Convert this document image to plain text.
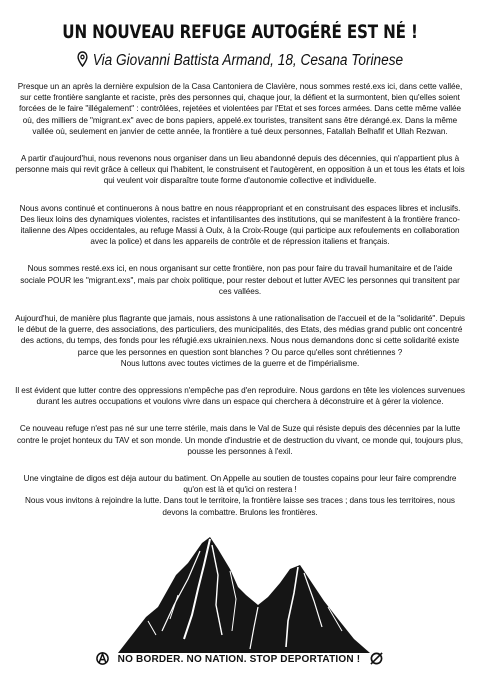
UN NOUVEAU REFUGE AUTOGÉRÉ EST NÉ !
Via Giovanni Battista Armand, 18, Cesana Torinese

Presque un an après la dernière expulsion de la Casa Cantoniera de Clavière, nous sommes resté.exs ici, dans cette vallée, sur cette frontière sanglante et raciste, près des personnes qui, chaque jour, la défient et la surmontent, bien qu'elles soient forcées de le faire "illégalement" : contrôlées, rejetées et violentées par l'Etat et ses forces armées. Dans cette même vallée où, des milliers de "migrant.ex" avec de bons papiers, appelé.ex touristes, transitent sans être dérangé.ex. Dans la même vallée où, seulement en janvier de cette année, la frontière a tué deux personnes, Fatallah Belhafif et Ullah Rezwan.

A partir d'aujourd'hui, nous revenons nous organiser dans un lieu abandonné depuis des décennies, qui n'appartient plus à personne mais qui revit grâce à celleux qui l'habitent, le construisent et l'autogèrent, en opposition à un et tous les états et lois qui veulent voir disparaître toute forme d'autonomie collective et individuelle.

Nous avons continué et continuerons à nous battre en nous réappropriant et en construisant des espaces libres et inclusifs. Des lieux loins des dynamiques violentes, racistes et infantilisantes des institutions, qui se manifestent à la frontière franco-italienne des Alpes occidentales, au refuge Massi à Oulx, à la Croix-Rouge (qui participe aux refoulements en collaboration avec la police) et dans les appareils de contrôle et de répression italiens et français.

Nous sommes resté.exs ici, en nous organisant sur cette frontière, non pas pour faire du travail humanitaire et de l'aide sociale POUR les "migrant.exs", mais par choix politique, pour rester debout et lutter AVEC les personnes qui transitent par ces vallées.

Aujourd'hui, de manière plus flagrante que jamais, nous assistons à une rationalisation de l'accueil et de la "solidarité". Depuis le début de la guerre, des associations, des particuliers, des municipalités, des Etats, des médias grand public ont concentré des actions, du temps, des fonds pour les réfugié.exs ukrainien.nexs. Nous nous demandons donc si cette solidarité existe parce que les personnes en question sont blanches ? Ou parce qu'elles sont chrétiennes ?
Nous luttons avec toutes victimes de la guerre et de l'impérialisme.

Il est évident que lutter contre des oppressions n'empêche pas d'en reproduire. Nous gardons en tête les violences survenues durant les autres occupations et voulons vivre dans un espace qui cherchera à déconstruire et à gérer la violence.

Ce nouveau refuge n'est pas né sur une terre stérile, mais dans le Val de Suze qui résiste depuis des décennies par la lutte contre le projet honteux du TAV et son monde. Un monde d'industrie et de destruction du vivant, ce monde qui, toujours plus, pousse les personnes à l'exil.

Une vingtaine de digos est déja autour du batiment. On Appelle au soutien de toustes copains pour leur faire comprendre qu'on est là et qu'ici on restera !
Nous vous invitons à rejoindre la lutte. Dans tout le territoire, la frontière laisse ses traces ; dans tous les territoires, nous devons la combattre. Brulons les frontières.

NO BORDER. NO NATION. STOP DEPORTATION !
